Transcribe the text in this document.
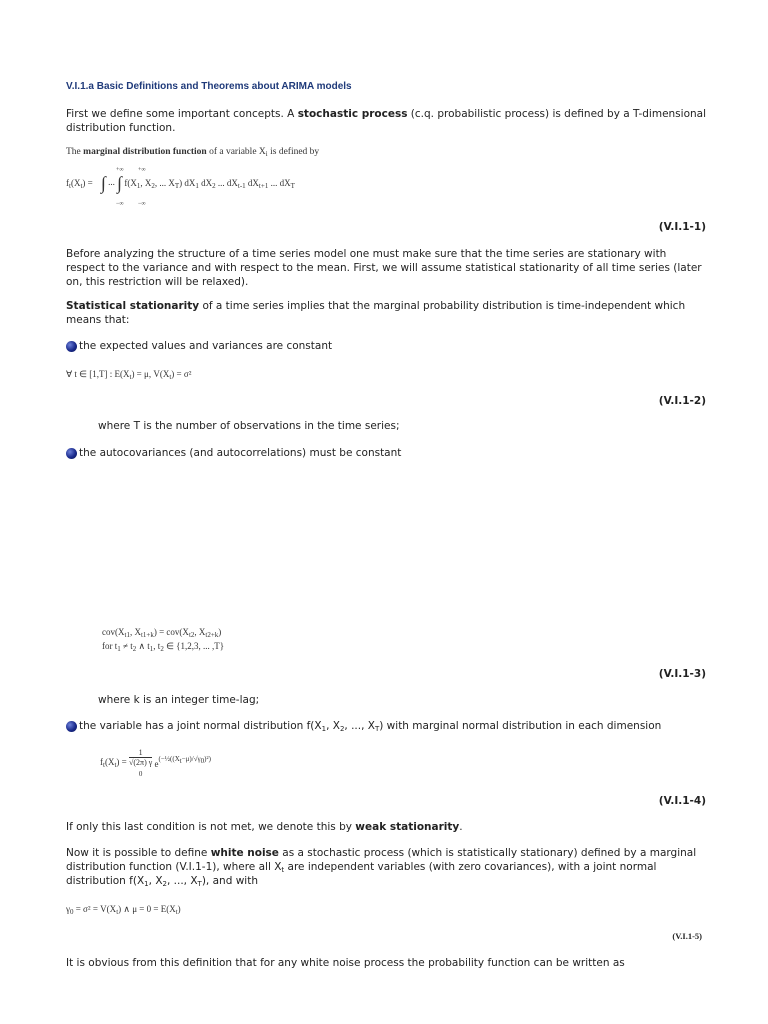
V.I.1.a Basic Definitions and Theorems about ARIMA models
First we define some important concepts. A stochastic process (c.q. probabilistic process) is defined by a T-dimensional distribution function.
The marginal distribution function of a variable $X_i$ is defined by
$f_t(X_t)$ = ∫ ... ∫ $f(X_1$, $X_2$, ... $X_T$) $dX_1$ $dX_2$ ... $dX_{t-1}$ $dX_{t+1}$ ... $dX_T$
+∞ +∞
−∞ −∞
(V.I.1-1)
Before analyzing the structure of a time series model one must make sure that the time series are stationary with respect to the variance and with respect to the mean. First, we will assume statistical stationarity of all time series (later on, this restriction will be relaxed).
Statistical stationarity of a time series implies that the marginal probability distribution is time-independent which means that:
the expected values and variances are constant
∀ t ∈ [1,T] : $E(X_t) = \mu$, $V(X_t) = \sigma^2$
(V.I.1-2)
where T is the number of observations in the time series;
the autocovariances (and autocorrelations) must be constant
$cov(X_{t1}$, $X_{t1+k}) = cov(X_{t2}$, $X_{t2+k}$)
for $t_1 \ne t_2$ ∧ $t_1$, $t_2$ ∈ {1,2,3, ... ,T}
(V.I.1-3)
where k is an integer time-lag;
the variable has a joint normal distribution $f(X_1$, $X_2$, ..., $X_T$) with marginal normal distribution in each dimension
$f_t(X_t) = 1$
√(2π) γ
$_0$ $e^{(-\frac{1}{2}((X_t-\mu)/√\gamma_0)^2)}$
(V.I.1-4)
If only this last condition is not met, we denote this by weak stationarity.
Now it is possible to define white noise as a stochastic process (which is statistically stationary) defined by a marginal distribution function (V.I.1-1), where all $X_t$ are independent variables (with zero covariances), with a joint normal distribution $f(X_1$, $X_2$, ..., $X_T$), and with
$\gamma_0 = \sigma^2 = V(X_t)$ ∧ $\mu = 0 = E(X_t)$
(V.I.1-5)
It is obvious from this definition that for any white noise process the probability function can be written as
